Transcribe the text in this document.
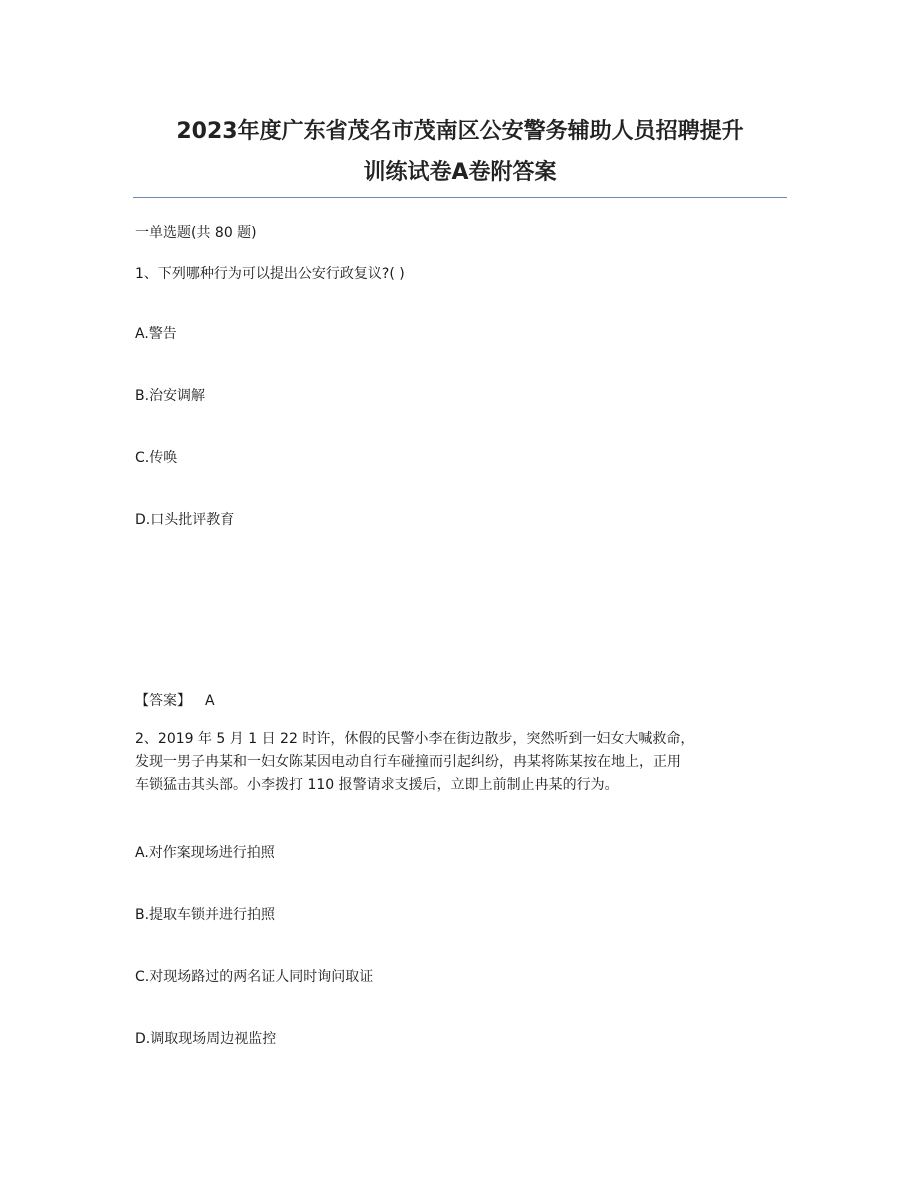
2023年度广东省茂名市茂南区公安警务辅助人员招聘提升
训练试卷A卷附答案
一单选题(共 80 题)
1、下列哪种行为可以提出公安行政复议?( )
A.警告
B.治安调解
C.传唤
D.口头批评教育
【答案】 A
2、2019 年 5 月 1 日 22 时许，休假的民警小李在街边散步，突然听到一妇女大喊救命，
发现一男子冉某和一妇女陈某因电动自行车碰撞而引起纠纷，冉某将陈某按在地上，正用
车锁猛击其头部。小李拨打 110 报警请求支援后，立即上前制止冉某的行为。
A.对作案现场进行拍照
B.提取车锁并进行拍照
C.对现场路过的两名证人同时询问取证
D.调取现场周边视监控
